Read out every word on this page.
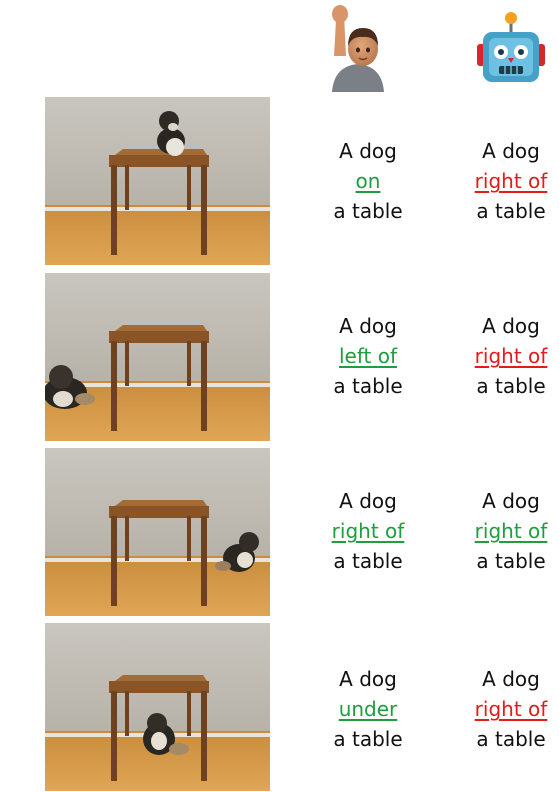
A dog
on
a table
A dog
left of
a table
A dog
right of
a table
A dog
under
a table
A dog
right of
a table
A dog
right of
a table
A dog
right of
a table
A dog
right of
a table
